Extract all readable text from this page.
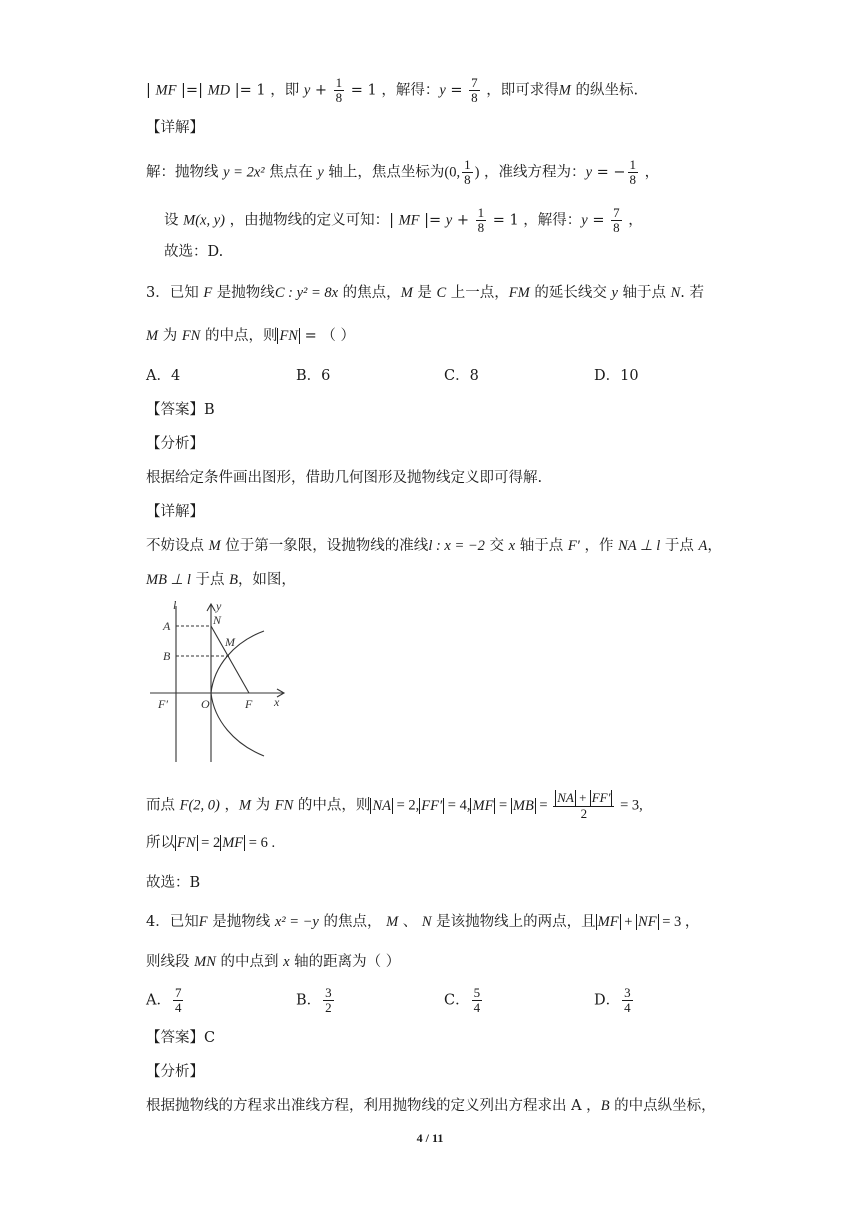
| MF |=| MD |= 1 ，即 $y + \frac{1}{8} = 1$ ，解得：$y = \frac{7}{8}$ ，即可求得M 的纵坐标.
【详解】
解：抛物线 y = 2x² 焦点在 y 轴上，焦点坐标为(0, $\frac{1}{8}$ ) ，准线方程为：y = − $\frac{1}{8}$ ，
设 M(x, y) ，由抛物线的定义可知：| MF |= $y + \frac{1}{8} = 1$ ，解得：$y = \frac{7}{8}$ ，
故选：D.
3．已知 F 是抛物线C : y² = 8x 的焦点，M 是 C 上一点，FM 的延长线交 y 轴于点 N. 若
M 为 FN 的中点，则 FN = （ ）
A．4	B．6	C．8	D．10
【答案】B
【分析】
根据给定条件画出图形，借助几何图形及抛物线定义即可得解.
【详解】
不妨设点 M 位于第一象限，设抛物线的准线l : x = −2 交 x 轴于点 F′ ，作 NA ⊥ l 于点 A，
MB ⊥ l 于点 B，如图，
l	y
A	N
M
B
F′	O	F x
而点 F(2, 0) ，M 为 FN 的中点，则 NA = 2, FF′ = 4, MF = MB = $\frac{NA + FF'}{2} = 3$,
所以 FN = 2 MF = 6 .
故选：B
4．已知F 是抛物线 x² = −y 的焦点， M 、 N 是该抛物线上的两点，且 MF + NF = 3 ，
则线段 MN 的中点到 x 轴的距离为（ ）
A． $\frac{7}{4}$	B． $\frac{3}{2}$	C． $\frac{5}{4}$	D． $\frac{3}{4}$
【答案】C
【分析】
根据抛物线的方程求出准线方程，利用抛物线的定义列出方程求出 A ，B 的中点纵坐标，
4 / 11
